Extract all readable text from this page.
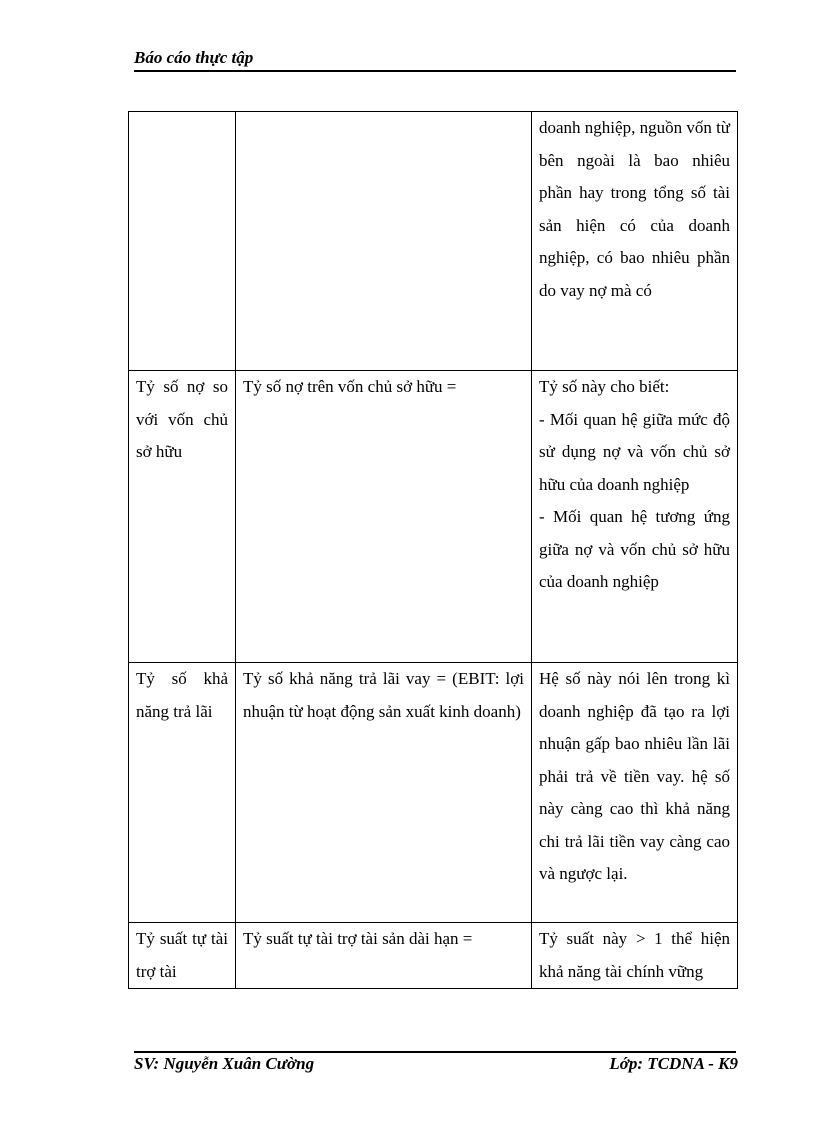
Báo cáo thực tập

		doanh nghiệp, nguồn vốn từ bên ngoài là bao nhiêu phần hay trong tổng số tài sản hiện có của doanh nghiệp, có bao nhiêu phần do vay nợ mà có

Tỷ số nợ so với vốn chủ sở hữu	Tỷ số nợ trên vốn chủ sở hữu =	Tỷ số này cho biết:

- Mối quan hệ giữa mức độ sử dụng nợ và vốn chủ sở hữu của doanh nghiệp

- Mối quan hệ tương ứng giữa nợ và vốn chủ sở hữu của doanh nghiệp

Tỷ số khả năng trả lãi	Tỷ số khả năng trả lãi vay = (EBIT: lợi nhuận từ hoạt động sản xuất kinh doanh)	Hệ số này nói lên trong kì doanh nghiệp đã tạo ra lợi nhuận gấp bao nhiêu lần lãi phải trả về tiền vay. hệ số này càng cao thì khả năng chi trả lãi tiền vay càng cao và ngược lại.

Tỷ suất tự tài trợ tài	Tỷ suất tự tài trợ tài sản dài hạn =	Tỷ suất này > 1 thể hiện khả năng tài chính vững

SV: Nguyễn Xuân Cường	Lớp: TCDNA - K9
